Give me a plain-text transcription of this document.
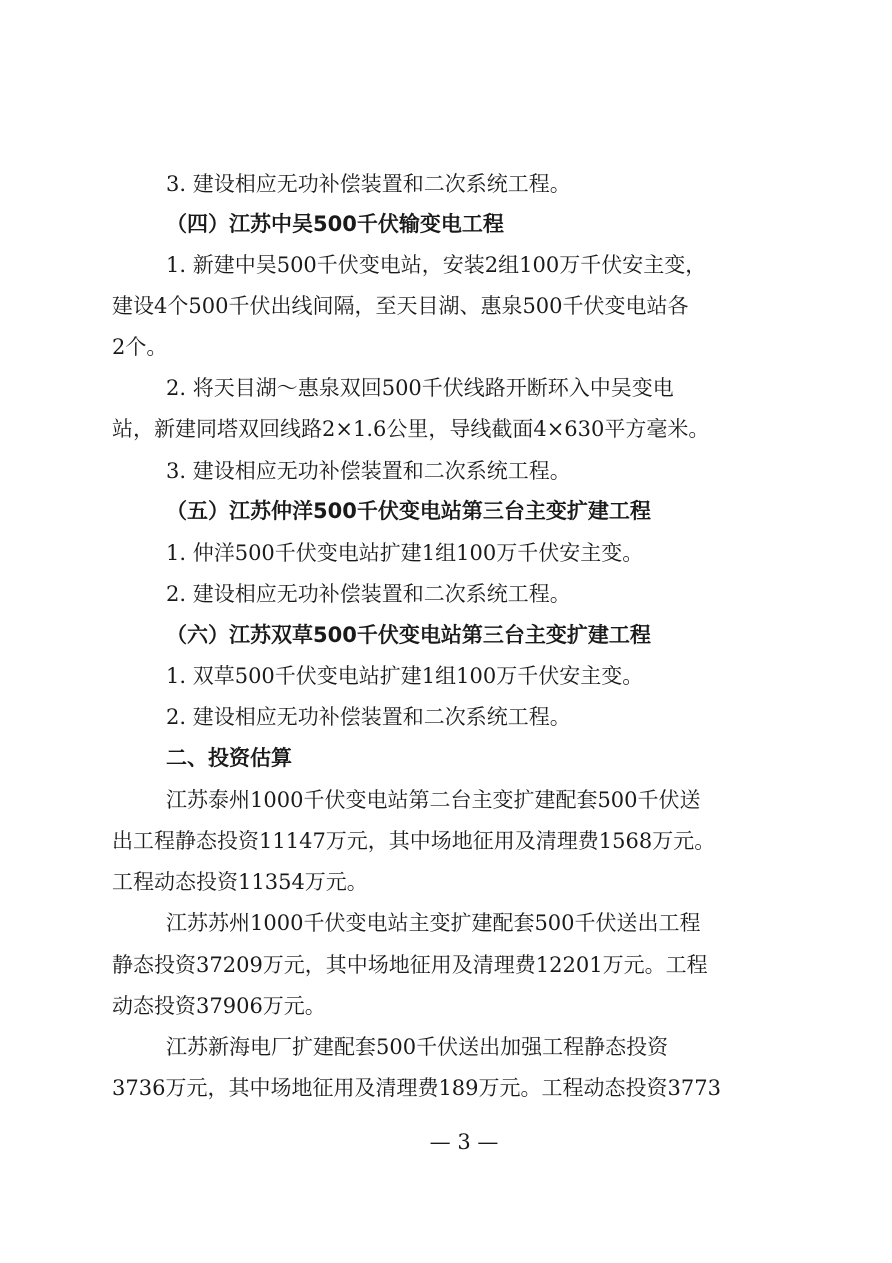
3. 建设相应无功补偿装置和二次系统工程。
（四）江苏中吴500千伏输变电工程
1. 新建中吴500千伏变电站，安装2组100万千伏安主变，
建设4个500千伏出线间隔，至天目湖、惠泉500千伏变电站各
2个。
2. 将天目湖～惠泉双回500千伏线路开断环入中吴变电
站，新建同塔双回线路2×1.6公里，导线截面4×630平方毫米。
3. 建设相应无功补偿装置和二次系统工程。
（五）江苏仲洋500千伏变电站第三台主变扩建工程
1. 仲洋500千伏变电站扩建1组100万千伏安主变。
2. 建设相应无功补偿装置和二次系统工程。
（六）江苏双草500千伏变电站第三台主变扩建工程
1. 双草500千伏变电站扩建1组100万千伏安主变。
2. 建设相应无功补偿装置和二次系统工程。
二、投资估算
江苏泰州1000千伏变电站第二台主变扩建配套500千伏送
出工程静态投资11147万元，其中场地征用及清理费1568万元。
工程动态投资11354万元。
江苏苏州1000千伏变电站主变扩建配套500千伏送出工程
静态投资37209万元，其中场地征用及清理费12201万元。工程
动态投资37906万元。
江苏新海电厂扩建配套500千伏送出加强工程静态投资
3736万元，其中场地征用及清理费189万元。工程动态投资3773
— 3 —
